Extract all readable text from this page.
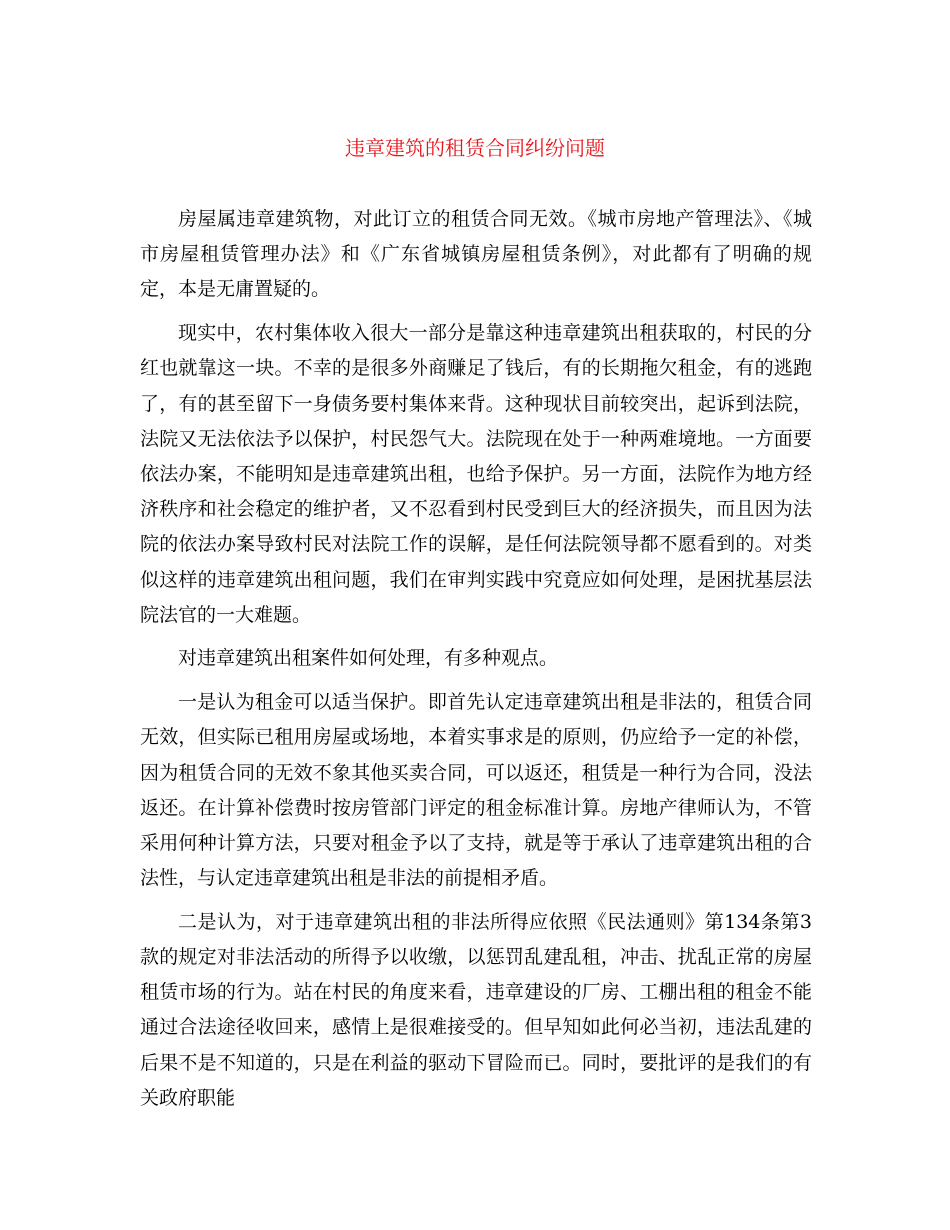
违章建筑的租赁合同纠纷问题

房屋属违章建筑物，对此订立的租赁合同无效。《城市房地产管理法》、《城市房屋租赁管理办法》和《广东省城镇房屋租赁条例》，对此都有了明确的规定，本是无庸置疑的。

现实中，农村集体收入很大一部分是靠这种违章建筑出租获取的，村民的分红也就靠这一块。不幸的是很多外商赚足了钱后，有的长期拖欠租金，有的逃跑了，有的甚至留下一身债务要村集体来背。这种现状目前较突出，起诉到法院，法院又无法依法予以保护，村民怨气大。法院现在处于一种两难境地。一方面要依法办案，不能明知是违章建筑出租，也给予保护。另一方面，法院作为地方经济秩序和社会稳定的维护者，又不忍看到村民受到巨大的经济损失，而且因为法院的依法办案导致村民对法院工作的误解，是任何法院领导都不愿看到的。对类似这样的违章建筑出租问题，我们在审判实践中究竟应如何处理，是困扰基层法院法官的一大难题。

对违章建筑出租案件如何处理，有多种观点。

一是认为租金可以适当保护。即首先认定违章建筑出租是非法的，租赁合同无效，但实际已租用房屋或场地，本着实事求是的原则，仍应给予一定的补偿，因为租赁合同的无效不象其他买卖合同，可以返还，租赁是一种行为合同，没法返还。在计算补偿费时按房管部门评定的租金标准计算。房地产律师认为，不管采用何种计算方法，只要对租金予以了支持，就是等于承认了违章建筑出租的合法性，与认定违章建筑出租是非法的前提相矛盾。

二是认为，对于违章建筑出租的非法所得应依照《民法通则》第134条第3款的规定对非法活动的所得予以收缴，以惩罚乱建乱租，冲击、扰乱正常的房屋租赁市场的行为。站在村民的角度来看，违章建设的厂房、工棚出租的租金不能通过合法途径收回来，感情上是很难接受的。但早知如此何必当初，违法乱建的后果不是不知道的，只是在利益的驱动下冒险而已。同时，要批评的是我们的有关政府职能
